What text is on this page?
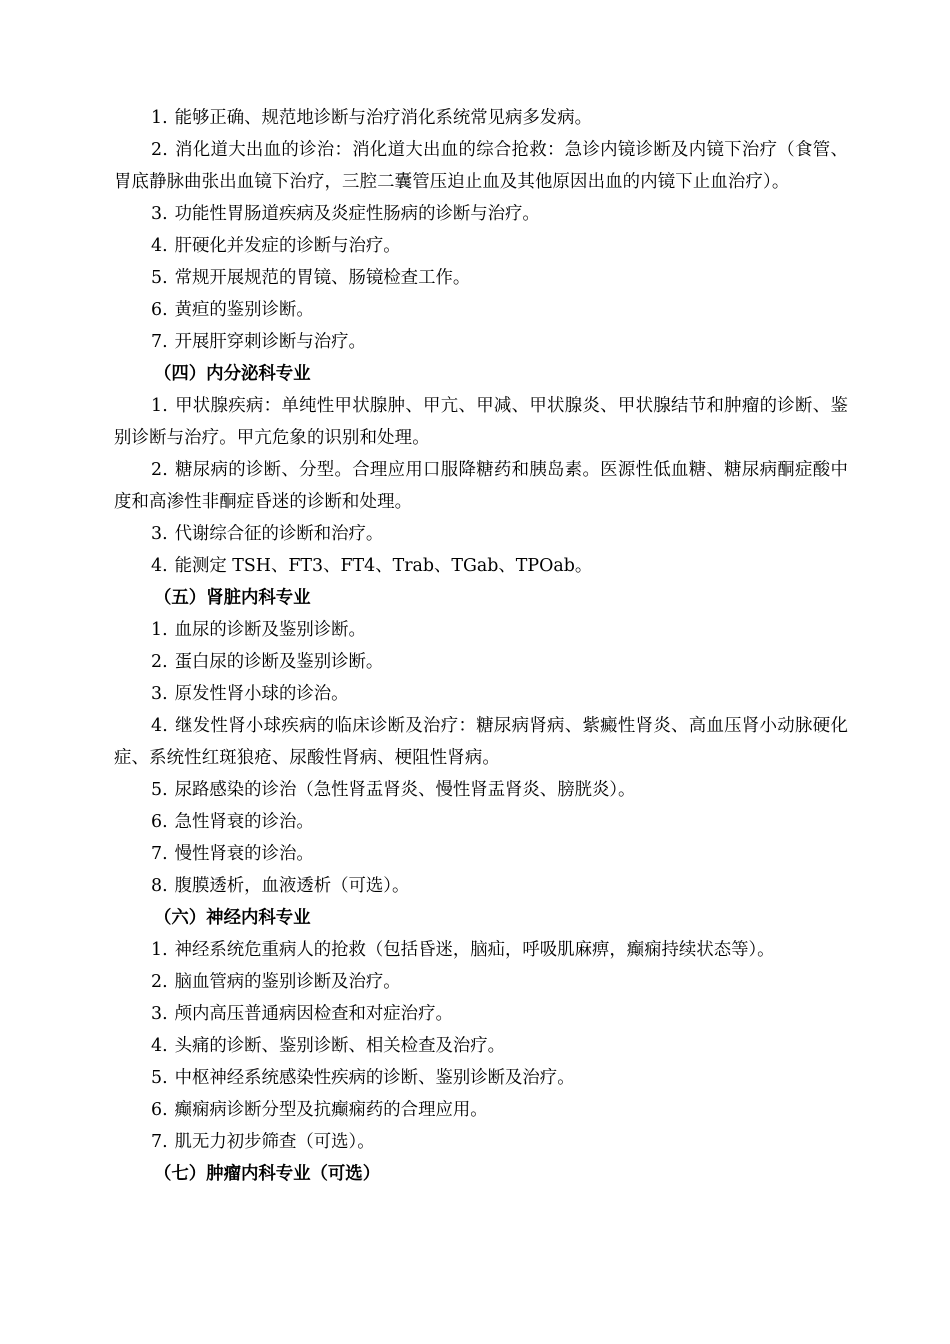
1. 能够正确、规范地诊断与治疗消化系统常见病多发病。
2. 消化道大出血的诊治：消化道大出血的综合抢救：急诊内镜诊断及内镜下治疗（食管、胃底静脉曲张出血镜下治疗，三腔二囊管压迫止血及其他原因出血的内镜下止血治疗）。
3. 功能性胃肠道疾病及炎症性肠病的诊断与治疗。
4. 肝硬化并发症的诊断与治疗。
5. 常规开展规范的胃镜、肠镜检查工作。
6. 黄疸的鉴别诊断。
7. 开展肝穿刺诊断与治疗。
（四）内分泌科专业
1. 甲状腺疾病：单纯性甲状腺肿、甲亢、甲减、甲状腺炎、甲状腺结节和肿瘤的诊断、鉴别诊断与治疗。甲亢危象的识别和处理。
2. 糖尿病的诊断、分型。合理应用口服降糖药和胰岛素。医源性低血糖、糖尿病酮症酸中度和高渗性非酮症昏迷的诊断和处理。
3. 代谢综合征的诊断和治疗。
4. 能测定 TSH、FT3、FT4、Trab、TGab、TPOab。
（五）肾脏内科专业
1. 血尿的诊断及鉴别诊断。
2. 蛋白尿的诊断及鉴别诊断。
3. 原发性肾小球的诊治。
4. 继发性肾小球疾病的临床诊断及治疗：糖尿病肾病、紫癜性肾炎、高血压肾小动脉硬化症、系统性红斑狼疮、尿酸性肾病、梗阻性肾病。
5. 尿路感染的诊治（急性肾盂肾炎、慢性肾盂肾炎、膀胱炎）。
6. 急性肾衰的诊治。
7. 慢性肾衰的诊治。
8. 腹膜透析，血液透析（可选）。
（六）神经内科专业
1. 神经系统危重病人的抢救（包括昏迷，脑疝，呼吸肌麻痹，癫痫持续状态等）。
2. 脑血管病的鉴别诊断及治疗。
3. 颅内高压普通病因检查和对症治疗。
4. 头痛的诊断、鉴别诊断、相关检查及治疗。
5. 中枢神经系统感染性疾病的诊断、鉴别诊断及治疗。
6. 癫痫病诊断分型及抗癫痫药的合理应用。
7. 肌无力初步筛查（可选）。
（七）肿瘤内科专业（可选）
